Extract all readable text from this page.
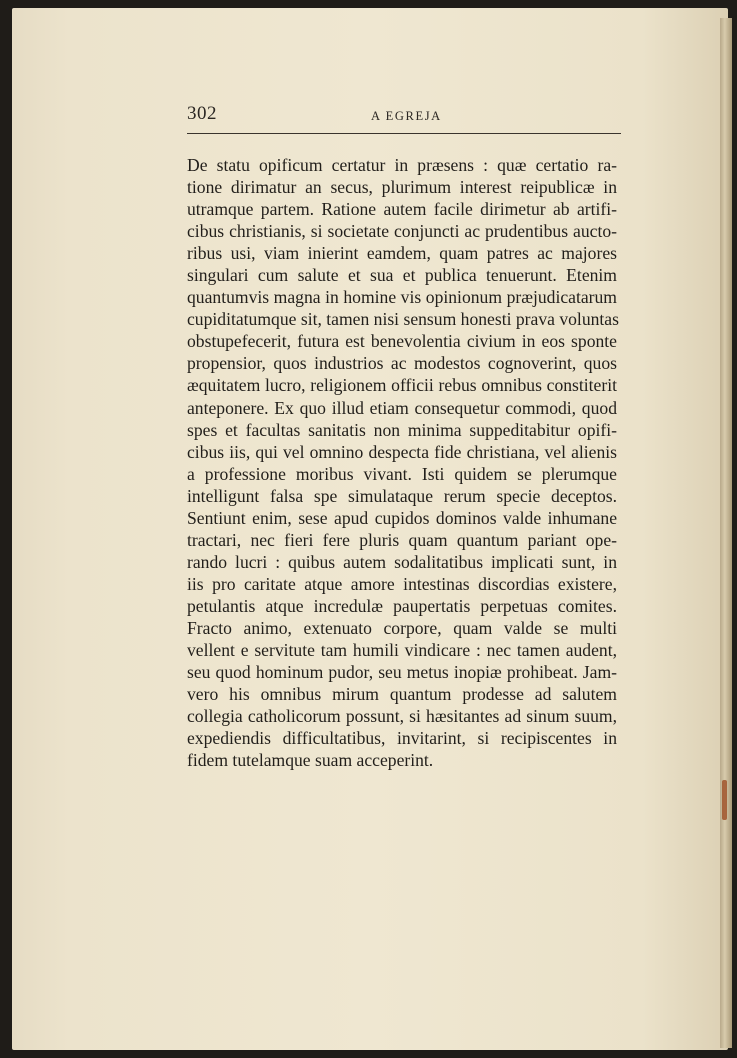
302	A EGREJA
De statu opificum certatur in præsens : quæ certatio ra-
tione dirimatur an secus, plurimum interest reipublicæ in
utramque partem. Ratione autem facile dirimetur ab artifi-
cibus christianis, si societate conjuncti ac prudentibus aucto-
ribus usi, viam inierint eamdem, quam patres ac majores
singulari cum salute et sua et publica tenuerunt. Etenim
quantumvis magna in homine vis opinionum præjudicatarum
cupiditatumque sit, tamen nisi sensum honesti prava voluntas
obstupefecerit, futura est benevolentia civium in eos sponte
propensior, quos industrios ac modestos cognoverint, quos
æquitatem lucro, religionem officii rebus omnibus constiterit
anteponere. Ex quo illud etiam consequetur commodi, quod
spes et facultas sanitatis non minima suppeditabitur opifi-
cibus iis, qui vel omnino despecta fide christiana, vel alienis
a professione moribus vivant. Isti quidem se plerumque
intelligunt falsa spe simulataque rerum specie deceptos.
Sentiunt enim, sese apud cupidos dominos valde inhumane
tractari, nec fieri fere pluris quam quantum pariant ope-
rando lucri : quibus autem sodalitatibus implicati sunt, in
iis pro caritate atque amore intestinas discordias existere,
petulantis atque incredulæ paupertatis perpetuas comites.
Fracto animo, extenuato corpore, quam valde se multi
vellent e servitute tam humili vindicare : nec tamen audent,
seu quod hominum pudor, seu metus inopiæ prohibeat. Jam-
vero his omnibus mirum quantum prodesse ad salutem
collegia catholicorum possunt, si hæsitantes ad sinum suum,
expediendis difficultatibus, invitarint, si recipiscentes in
fidem tutelamque suam acceperint.
